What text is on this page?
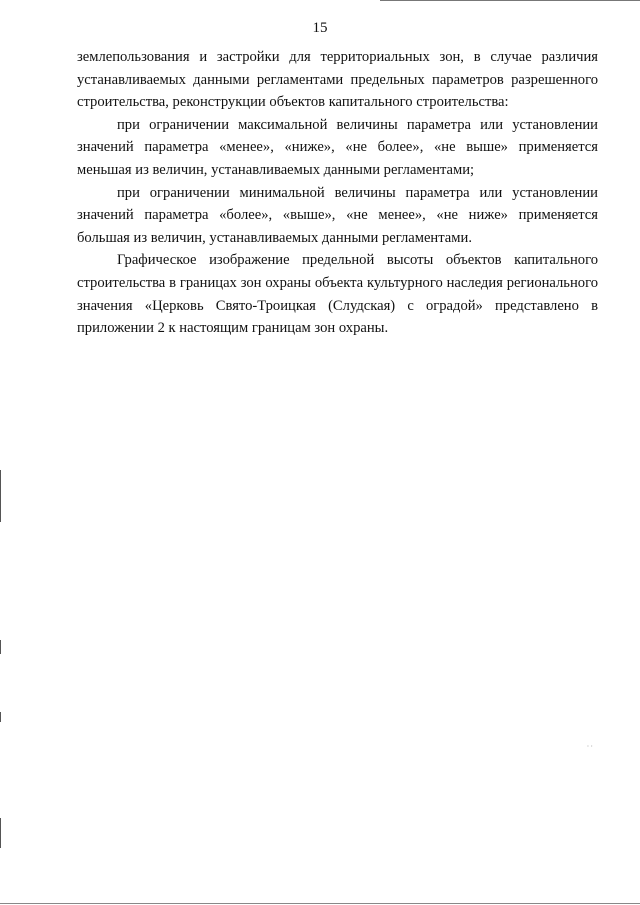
15

землепользования и застройки для территориальных зон, в случае различия устанавливаемых данными регламентами предельных параметров разрешенного строительства, реконструкции объектов капитального строительства:

при ограничении максимальной величины параметра или установлении значений параметра «менее», «ниже», «не более», «не выше» применяется меньшая из величин, устанавливаемых данными регламентами;

при ограничении минимальной величины параметра или установлении значений параметра «более», «выше», «не менее», «не ниже» применяется большая из величин, устанавливаемых данными регламентами.

Графическое изображение предельной высоты объектов капитального строительства в границах зон охраны объекта культурного наследия регионального значения «Церковь Свято-Троицкая (Слудская) с оградой» представлено в приложении 2 к настоящим границам зон охраны.

··
